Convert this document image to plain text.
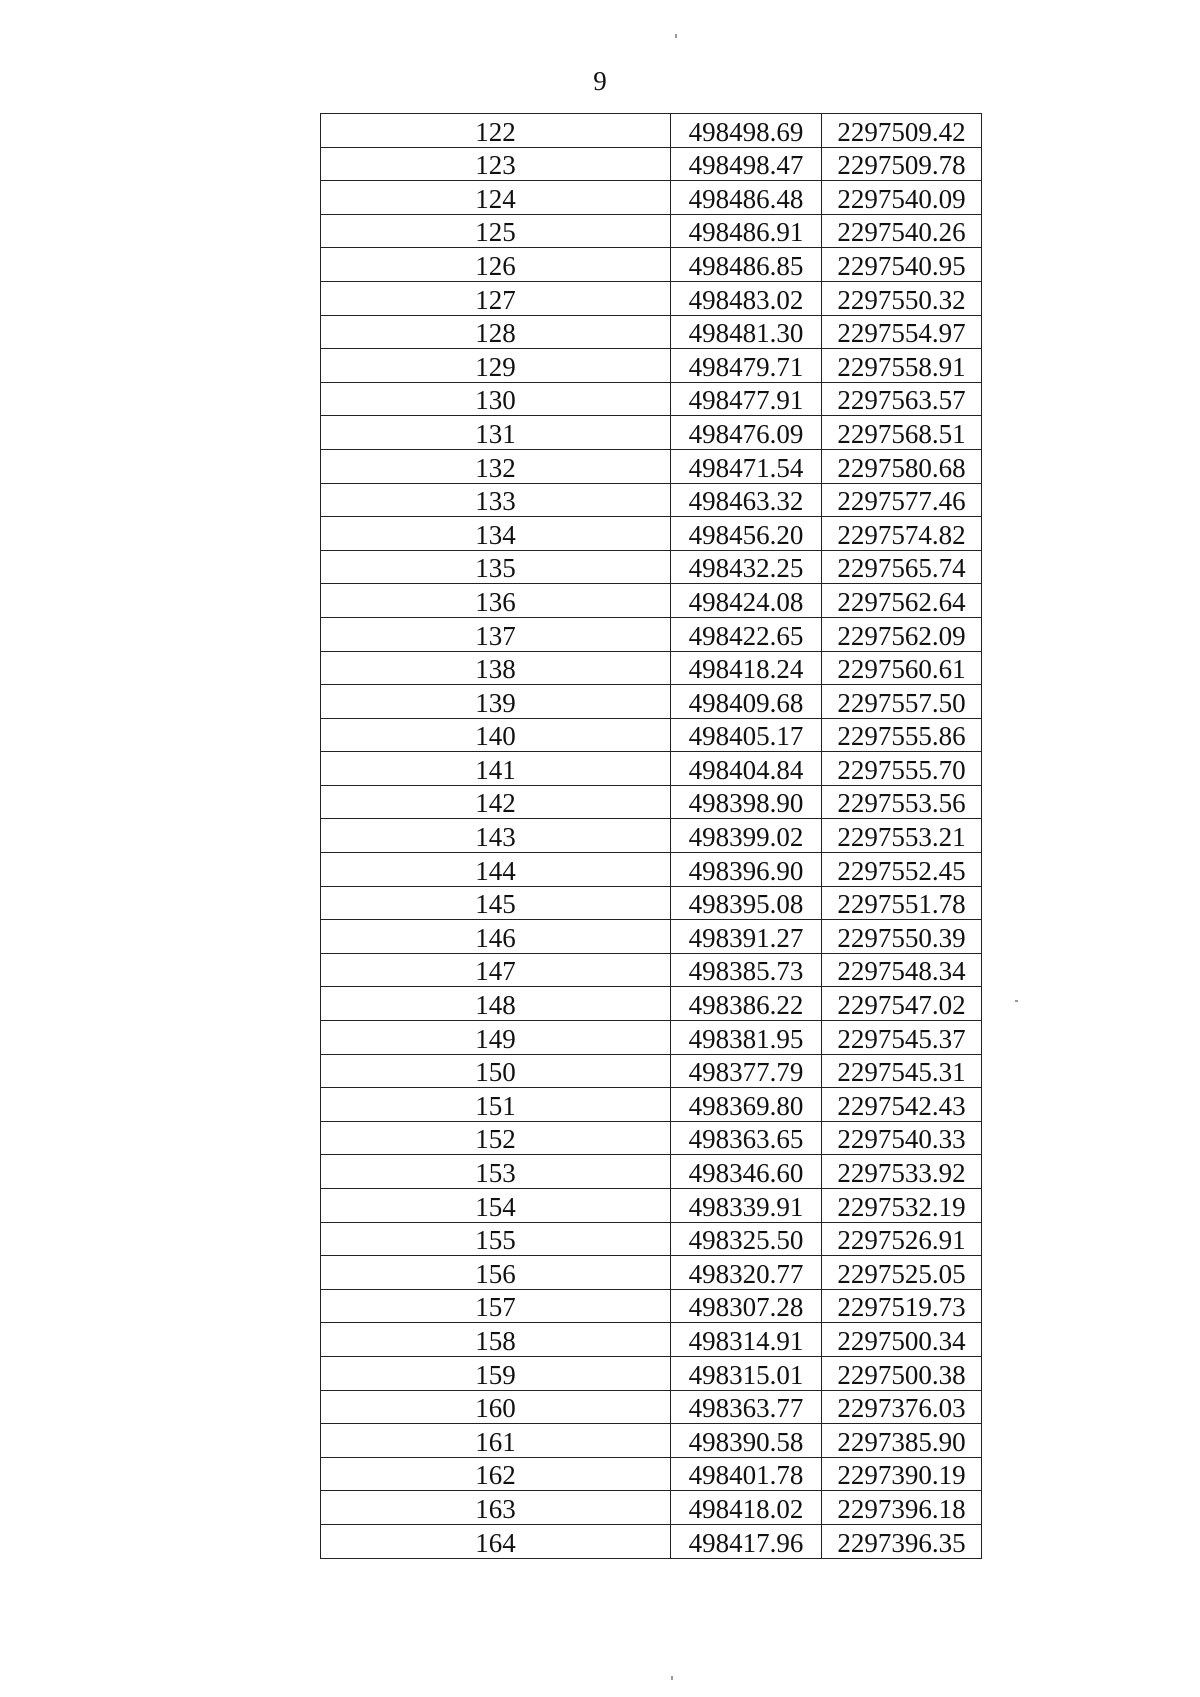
9
122	498498.69	2297509.42
123	498498.47	2297509.78
124	498486.48	2297540.09
125	498486.91	2297540.26
126	498486.85	2297540.95
127	498483.02	2297550.32
128	498481.30	2297554.97
129	498479.71	2297558.91
130	498477.91	2297563.57
131	498476.09	2297568.51
132	498471.54	2297580.68
133	498463.32	2297577.46
134	498456.20	2297574.82
135	498432.25	2297565.74
136	498424.08	2297562.64
137	498422.65	2297562.09
138	498418.24	2297560.61
139	498409.68	2297557.50
140	498405.17	2297555.86
141	498404.84	2297555.70
142	498398.90	2297553.56
143	498399.02	2297553.21
144	498396.90	2297552.45
145	498395.08	2297551.78
146	498391.27	2297550.39
147	498385.73	2297548.34
148	498386.22	2297547.02
149	498381.95	2297545.37
150	498377.79	2297545.31
151	498369.80	2297542.43
152	498363.65	2297540.33
153	498346.60	2297533.92
154	498339.91	2297532.19
155	498325.50	2297526.91
156	498320.77	2297525.05
157	498307.28	2297519.73
158	498314.91	2297500.34
159	498315.01	2297500.38
160	498363.77	2297376.03
161	498390.58	2297385.90
162	498401.78	2297390.19
163	498418.02	2297396.18
164	498417.96	2297396.35
